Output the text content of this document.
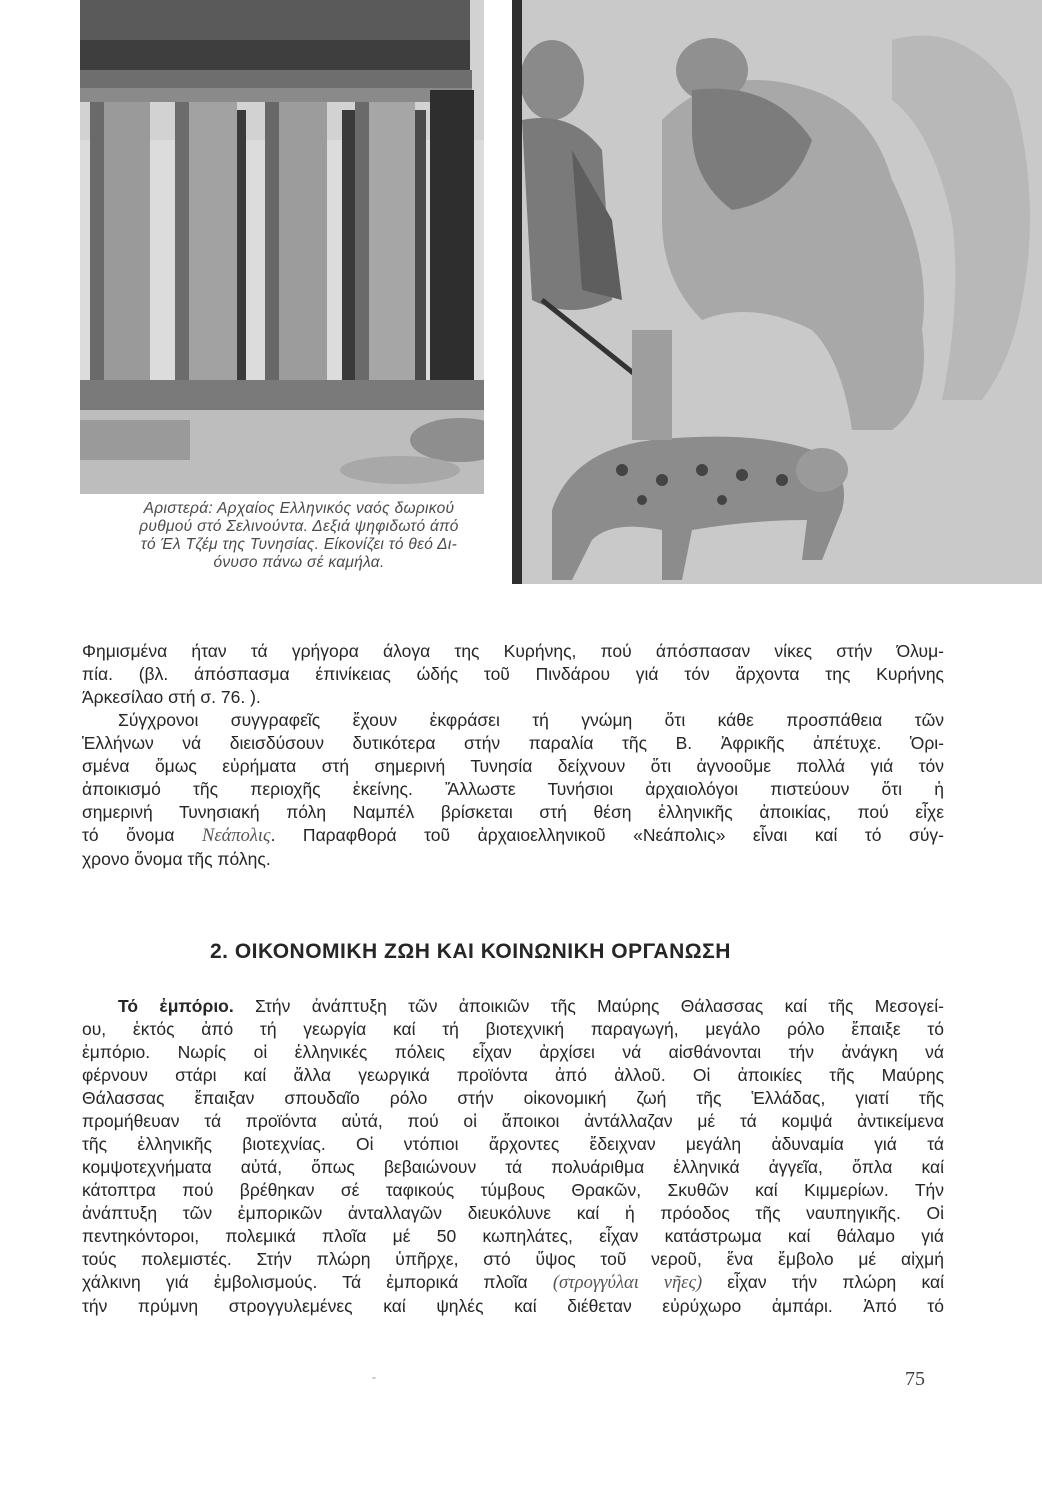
Αριστερά: Αρχαίος Ελληνικός ναός δωρικού
ρυθμού στό Σελινούντα. Δεξιά ψηφιδωτό άπό
τό Έλ Τζέμ της Τυνησίας. Είκονίζει τό θεό Δι-
όνυσο πάνω σέ καμήλα.
Φημισμένα ήταν τά γρήγορα άλογα της Κυρήνης, πού άπόσπασαν νίκες στήν Όλυμ-
πία. (βλ. άπόσπασμα έπινίκειας ώδής τοῦ Πινδάρου γιά τόν ἄρχοντα της Κυρήνης
Άρκεσίλαο στή σ. 76. ).
Σύγχρονοι συγγραφεῖς ἔχουν ἐκφράσει τή γνώμη ὅτι κάθε προσπάθεια τῶν
Ἑλλήνων νά διεισδύσουν δυτικότερα στήν παραλία τῆς Β. Ἀφρικῆς ἀπέτυχε. Ὁρι-
σμένα ὅμως εὑρήματα στή σημερινή Τυνησία δείχνουν ὅτι ἀγνοοῦμε πολλά γιά τόν
ἀποικισμό τῆς περιοχῆς ἐκείνης. Ἄλλωστε Τυνήσιοι ἀρχαιολόγοι πιστεύουν ὅτι ἡ
σημερινή Τυνησιακή πόλη Ναμπέλ βρίσκεται στή θέση ἑλληνικῆς ἀποικίας, πού εἶχε
τό ὄνομα Νεάπολις. Παραφθορά τοῦ ἀρχαιοελληνικοῦ «Νεάπολις» εἶναι καί τό σύγ-
χρονο ὄνομα τῆς πόλης.
2. ΟΙΚΟΝΟΜΙΚΗ ΖΩΗ ΚΑΙ ΚΟΙΝΩΝΙΚΗ ΟΡΓΑΝΩΣΗ
Τό ἐμπόριο. Στήν ἀνάπτυξη τῶν ἀποικιῶν τῆς Μαύρης Θάλασσας καί τῆς Μεσογεί-
ου, ἐκτός ἀπό τή γεωργία καί τή βιοτεχνική παραγωγή, μεγάλο ρόλο ἔπαιξε τό
ἐμπόριο. Νωρίς οἱ ἑλληνικές πόλεις εἶχαν ἀρχίσει νά αἰσθάνονται τήν ἀνάγκη νά
φέρνουν στάρι καί ἄλλα γεωργικά προϊόντα ἀπό ἀλλοῦ. Οἱ ἀποικίες τῆς Μαύρης
Θάλασσας ἔπαιξαν σπουδαῖο ρόλο στήν οἰκονομική ζωή τῆς Ἑλλάδας, γιατί τῆς
προμήθευαν τά προϊόντα αὐτά, πού οἱ ἄποικοι ἀντάλλαζαν μέ τά κομψά ἀντικείμενα
τῆς ἑλληνικῆς βιοτεχνίας. Οἱ ντόπιοι ἄρχοντες ἔδειχναν μεγάλη ἀδυναμία γιά τά
κομψοτεχνήματα αὐτά, ὅπως βεβαιώνουν τά πολυάριθμα ἑλληνικά ἀγγεῖα, ὅπλα καί
κάτοπτρα πού βρέθηκαν σέ ταφικούς τύμβους Θρακῶν, Σκυθῶν καί Κιμμερίων. Τήν
ἀνάπτυξη τῶν ἐμπορικῶν ἀνταλλαγῶν διευκόλυνε καί ἡ πρόοδος τῆς ναυπηγικῆς. Οἱ
πεντηκόντοροι, πολεμικά πλοῖα μέ 50 κωπηλάτες, εἶχαν κατάστρωμα καί θάλαμο γιά
τούς πολεμιστές. Στήν πλώρη ὑπῆρχε, στό ὕψος τοῦ νεροῦ, ἕνα ἔμβολο μέ αἰχμή
χάλκινη γιά ἐμβολισμούς. Τά ἐμπορικά πλοῖα (στρογγύλαι νῆες) εἶχαν τήν πλώρη καί
τήν πρύμνη στρογγυλεμένες καί ψηλές καί διέθεταν εὐρύχωρο ἀμπάρι. Ἀπό τό
-	75
